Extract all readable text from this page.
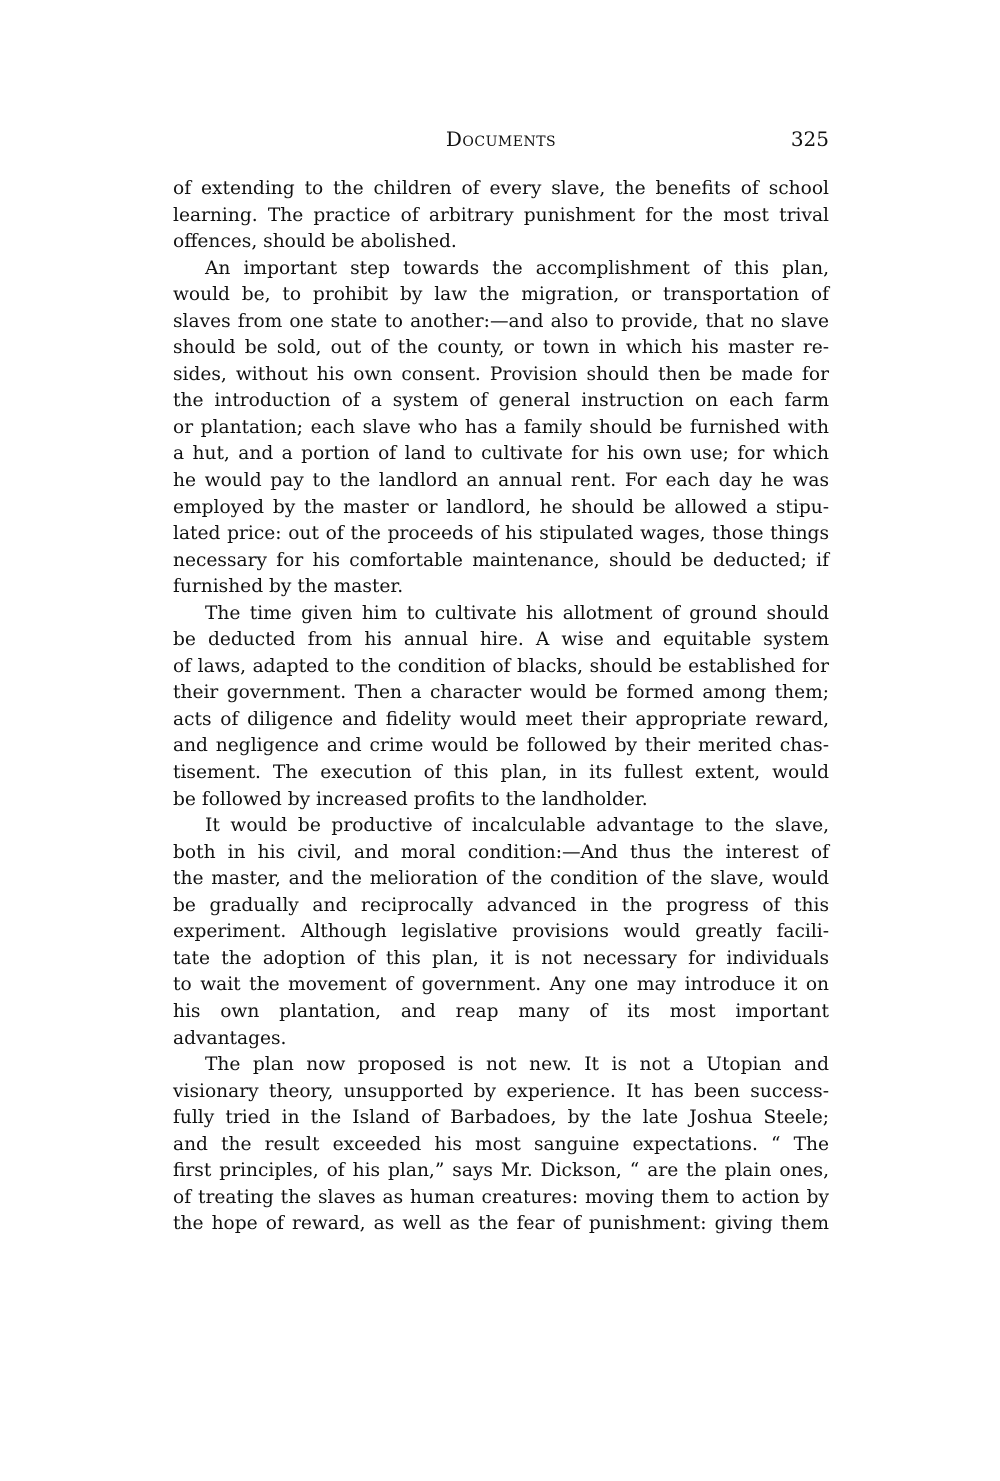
Documents	325
of extending to the children of every slave, the benefits of school
learning. The practice of arbitrary punishment for the most trival
offences, should be abolished.
An important step towards the accomplishment of this plan,
would be, to prohibit by law the migration, or transportation of
slaves from one state to another:—and also to provide, that no slave
should be sold, out of the county, or town in which his master re-
sides, without his own consent. Provision should then be made for
the introduction of a system of general instruction on each farm
or plantation; each slave who has a family should be furnished with
a hut, and a portion of land to cultivate for his own use; for which
he would pay to the landlord an annual rent. For each day he was
employed by the master or landlord, he should be allowed a stipu-
lated price: out of the proceeds of his stipulated wages, those things
necessary for his comfortable maintenance, should be deducted; if
furnished by the master.
The time given him to cultivate his allotment of ground should
be deducted from his annual hire. A wise and equitable system
of laws, adapted to the condition of blacks, should be established for
their government. Then a character would be formed among them;
acts of diligence and fidelity would meet their appropriate reward,
and negligence and crime would be followed by their merited chas-
tisement. The execution of this plan, in its fullest extent, would
be followed by increased profits to the landholder.
It would be productive of incalculable advantage to the slave,
both in his civil, and moral condition:—And thus the interest of
the master, and the melioration of the condition of the slave, would
be gradually and reciprocally advanced in the progress of this
experiment. Although legislative provisions would greatly facili-
tate the adoption of this plan, it is not necessary for individuals
to wait the movement of government. Any one may introduce it on
his own plantation, and reap many of its most important
advantages.
The plan now proposed is not new. It is not a Utopian and
visionary theory, unsupported by experience. It has been success-
fully tried in the Island of Barbadoes, by the late Joshua Steele;
and the result exceeded his most sanguine expectations. “ The
first principles, of his plan,” says Mr. Dickson, “ are the plain ones,
of treating the slaves as human creatures: moving them to action by
the hope of reward, as well as the fear of punishment: giving them
